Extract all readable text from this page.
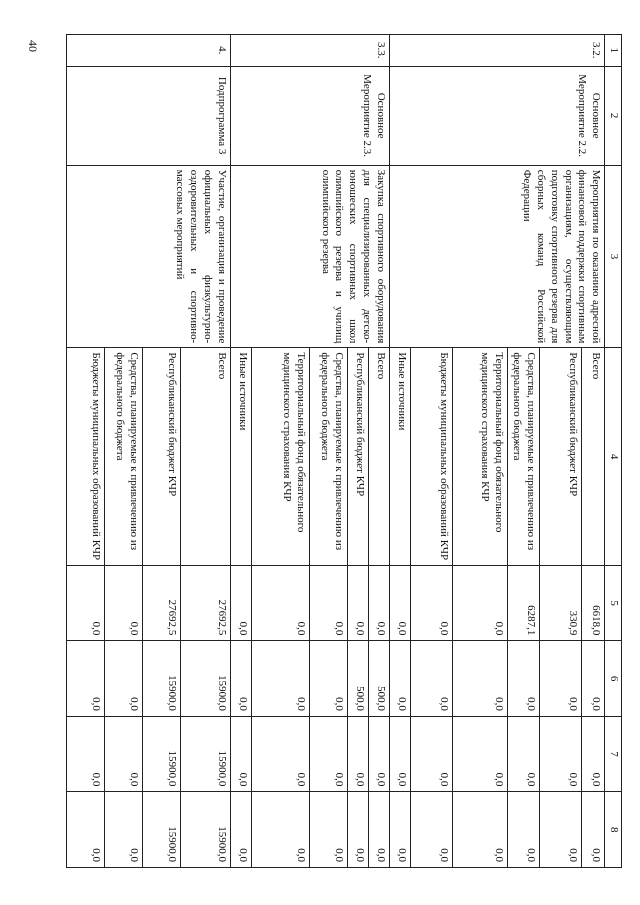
40	1	2	3	4	5	6	7	8
3.2.	Основное Мероприятие 2.2.	Мероприятия по оказанию адресной финансовой поддержки спортивным организациям, осуществляющим подготовку спортивного резерва для сборных команд Российской Федерации	Всего	6618,0	0,0	0,0	0,0
			Республиканский бюджет КЧР	330,9	0,0	0,0	0,0
			Средства, планируемые к привлечению из федерального бюджета	6287,1	0,0	0,0	0,0
			Территориальный фонд обязательного медицинского страхования КЧР	0,0	0,0	0,0	0,0
			Бюджеты муниципальных образований КЧР	0,0	0,0	0,0	0,0
			Иные источники	0,0	0,0	0,0	0,0
3.3.	Основное Мероприятие 2.3.	Закупка спортивного оборудования для специализированных детско-юношеских спортивных школ олимпийского резерва и училищ олимпийского резерва	Всего	0,0	500,0	0,0	0,0
			Республиканский бюджет КЧР	0,0	500,0	0,0	0,0
			Средства, планируемые к привлечению из федерального бюджета	0,0	0,0	0,0	0,0
			Территориальный фонд обязательного медицинского страхования КЧР	0,0	0,0	0,0	0,0
			Иные источники	0,0	0,0	0,0	0,0
4.	Подпрограмма 3	Участие, организация и проведение официальных физкультурно-оздоровительных и спортивно-массовых мероприятий	Всего	27692,5	15900,0	15900,0	15900,0
			Республиканский бюджет КЧР	27692,5	15900,0	15900,0	15900,0
			Средства, планируемые к привлечению из федерального бюджета	0,0	0,0	0,0	0,0
			Бюджеты муниципальных образований КЧР	0,0	0,0	0,0	0,0
